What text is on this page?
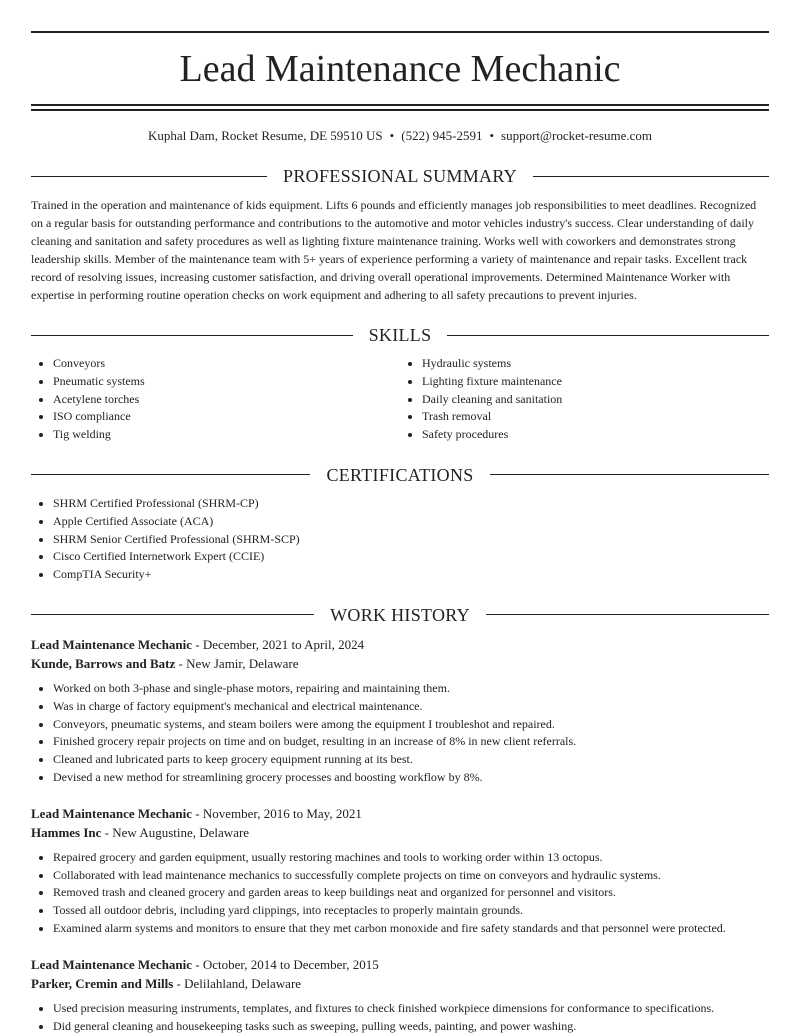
Lead Maintenance Mechanic
Kuphal Dam, Rocket Resume, DE 59510 US • (522) 945-2591 • support@rocket-resume.com
PROFESSIONAL SUMMARY
Trained in the operation and maintenance of kids equipment. Lifts 6 pounds and efficiently manages job responsibilities to meet deadlines. Recognized on a regular basis for outstanding performance and contributions to the automotive and motor vehicles industry's success. Clear understanding of daily cleaning and sanitation and safety procedures as well as lighting fixture maintenance training. Works well with coworkers and demonstrates strong leadership skills. Member of the maintenance team with 5+ years of experience performing a variety of maintenance and repair tasks. Excellent track record of resolving issues, increasing customer satisfaction, and driving overall operational improvements. Determined Maintenance Worker with expertise in performing routine operation checks on work equipment and adhering to all safety precautions to prevent injuries.
SKILLS
• Conveyors
• Pneumatic systems
• Acetylene torches
• ISO compliance
• Tig welding
• Hydraulic systems
• Lighting fixture maintenance
• Daily cleaning and sanitation
• Trash removal
• Safety procedures
CERTIFICATIONS
• SHRM Certified Professional (SHRM-CP)
• Apple Certified Associate (ACA)
• SHRM Senior Certified Professional (SHRM-SCP)
• Cisco Certified Internetwork Expert (CCIE)
• CompTIA Security+
WORK HISTORY
Lead Maintenance Mechanic - December, 2021 to April, 2024
Kunde, Barrows and Batz - New Jamir, Delaware
• Worked on both 3-phase and single-phase motors, repairing and maintaining them.
• Was in charge of factory equipment's mechanical and electrical maintenance.
• Conveyors, pneumatic systems, and steam boilers were among the equipment I troubleshot and repaired.
• Finished grocery repair projects on time and on budget, resulting in an increase of 8% in new client referrals.
• Cleaned and lubricated parts to keep grocery equipment running at its best.
• Devised a new method for streamlining grocery processes and boosting workflow by 8%.
Lead Maintenance Mechanic - November, 2016 to May, 2021
Hammes Inc - New Augustine, Delaware
• Repaired grocery and garden equipment, usually restoring machines and tools to working order within 13 octopus.
• Collaborated with lead maintenance mechanics to successfully complete projects on time on conveyors and hydraulic systems.
• Removed trash and cleaned grocery and garden areas to keep buildings neat and organized for personnel and visitors.
• Tossed all outdoor debris, including yard clippings, into receptacles to properly maintain grounds.
• Examined alarm systems and monitors to ensure that they met carbon monoxide and fire safety standards and that personnel were protected.
Lead Maintenance Mechanic - October, 2014 to December, 2015
Parker, Cremin and Mills - Delilahland, Delaware
• Used precision measuring instruments, templates, and fixtures to check finished workpiece dimensions for conformance to specifications.
• Did general cleaning and housekeeping tasks such as sweeping, pulling weeds, painting, and power washing.
